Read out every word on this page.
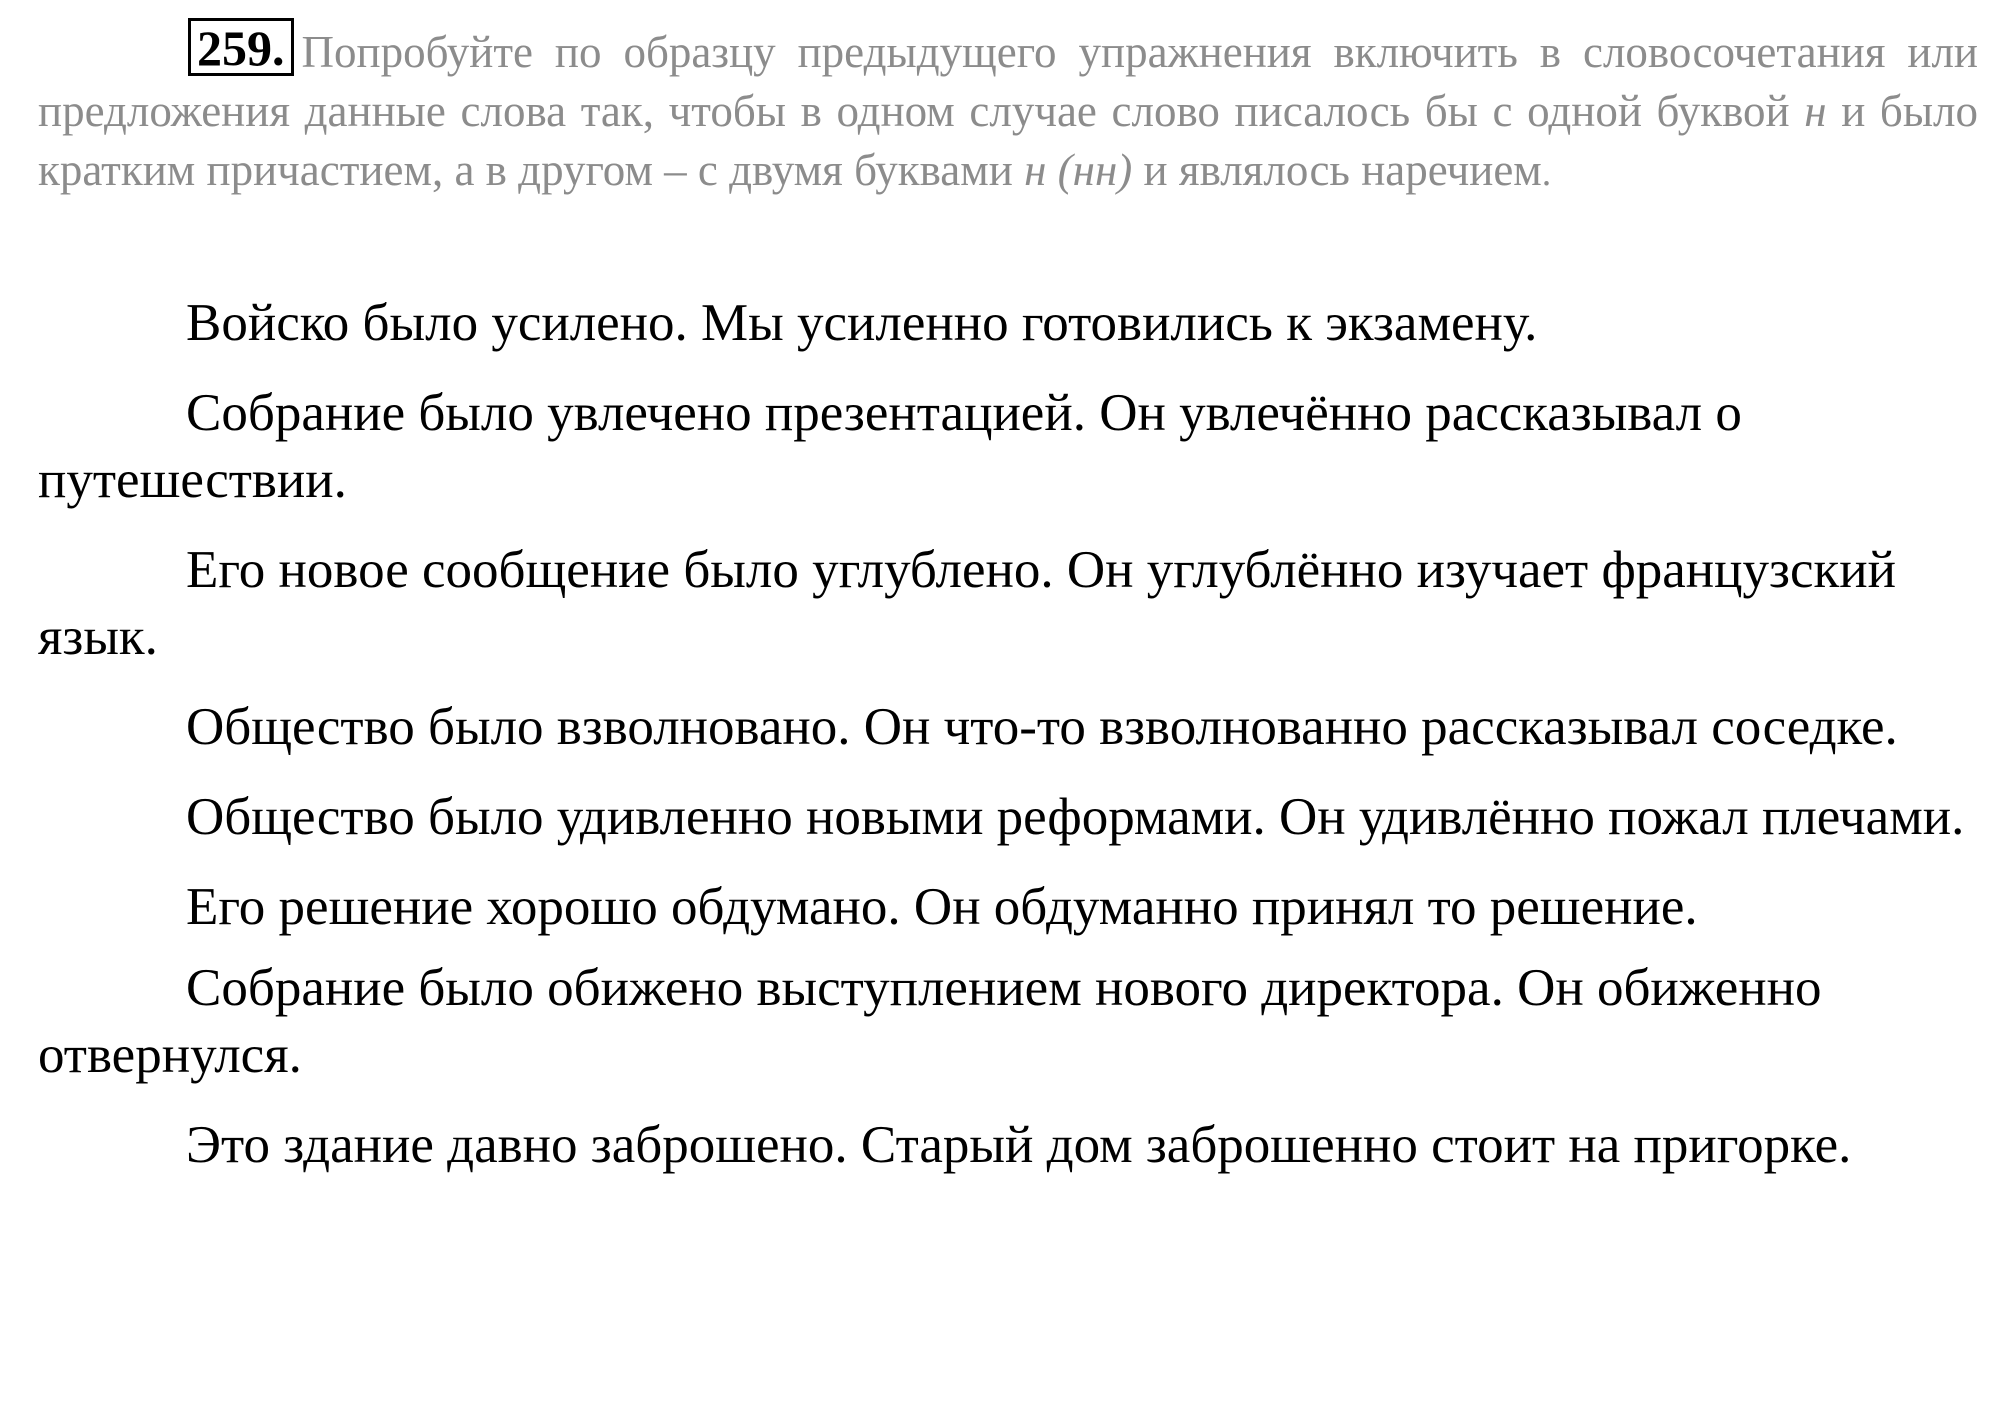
259. Попробуйте по образцу предыдущего упражнения включить в словосочетания или предложения данные слова так, чтобы в одном случае слово писалось бы с одной буквой н и было кратким причастием, а в другом – с двумя буквами н (нн) и являлось наречием.

Войско было усилено. Мы усиленно готовились к экзамену.

Собрание было увлечено презентацией. Он увлечённо рассказывал о путешествии.

Его новое сообщение было углублено. Он углублённо изучает французский язык.

Общество было взволновано. Он что-то взволнованно рассказывал соседке.

Общество было удивленно новыми реформами. Он удивлённо пожал плечами.

Его решение хорошо обдумано. Он обдуманно принял то решение.

Собрание было обижено выступлением нового директора. Он обиженно отвернулся.

Это здание давно заброшено. Старый дом заброшенно стоит на пригорке.
